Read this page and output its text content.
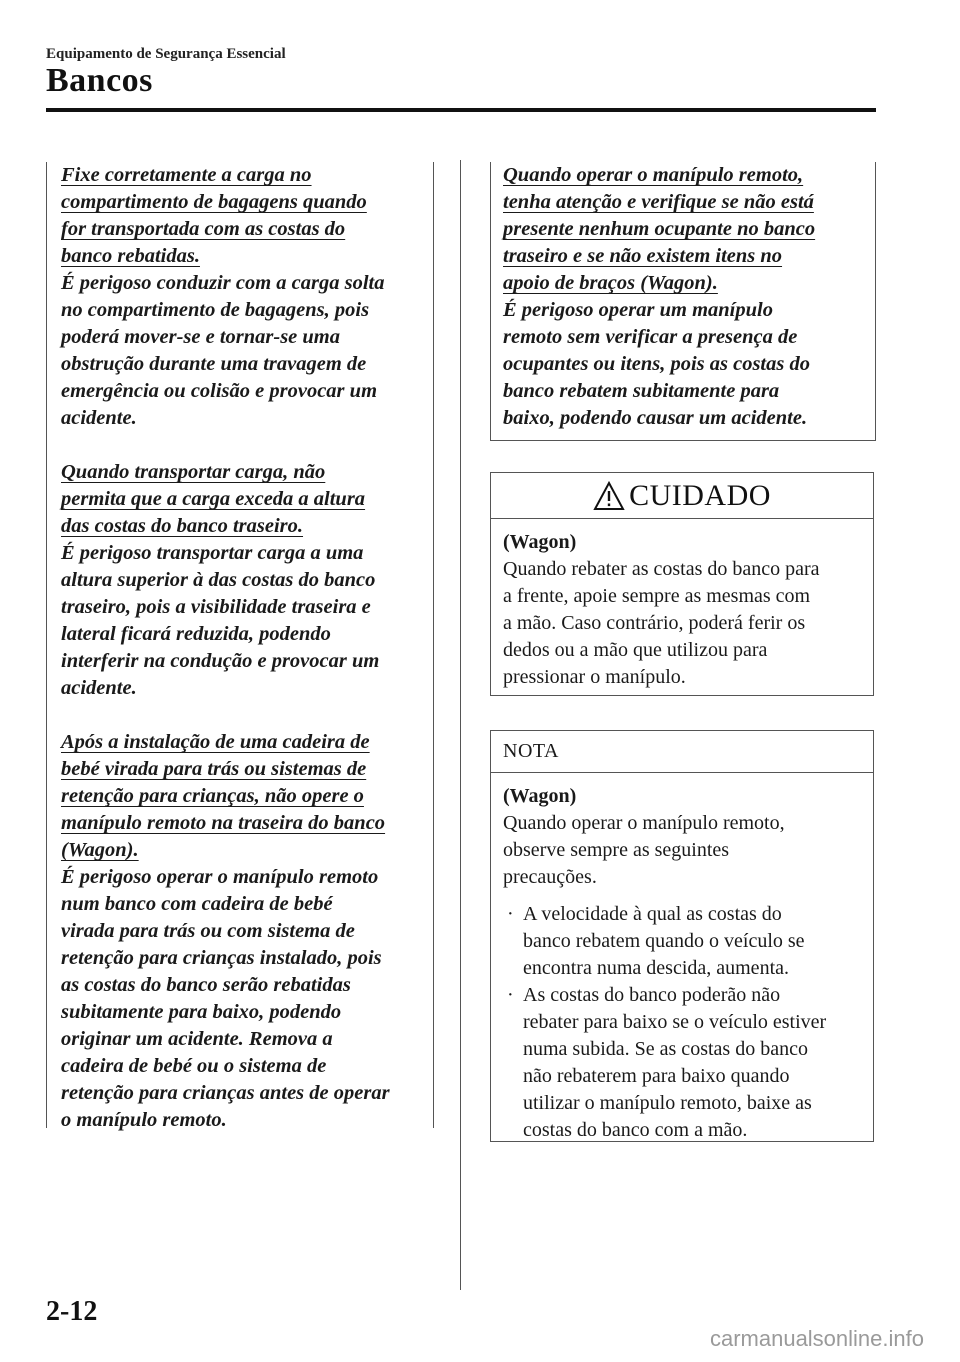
Equipamento de Segurança Essencial
Bancos
Fixe corretamente a carga no
compartimento de bagagens quando
for transportada com as costas do
banco rebatidas.
É perigoso conduzir com a carga solta
no compartimento de bagagens, pois
poderá mover-se e tornar-se uma
obstrução durante uma travagem de
emergência ou colisão e provocar um
acidente.
Quando transportar carga, não
permita que a carga exceda a altura
das costas do banco traseiro.
É perigoso transportar carga a uma
altura superior à das costas do banco
traseiro, pois a visibilidade traseira e
lateral ficará reduzida, podendo
interferir na condução e provocar um
acidente.
Após a instalação de uma cadeira de
bebé virada para trás ou sistemas de
retenção para crianças, não opere o
manípulo remoto na traseira do banco
(Wagon).
É perigoso operar o manípulo remoto
num banco com cadeira de bebé
virada para trás ou com sistema de
retenção para crianças instalado, pois
as costas do banco serão rebatidas
subitamente para baixo, podendo
originar um acidente. Remova a
cadeira de bebé ou o sistema de
retenção para crianças antes de operar
o manípulo remoto.
Quando operar o manípulo remoto,
tenha atenção e verifique se não está
presente nenhum ocupante no banco
traseiro e se não existem itens no
apoio de braços (Wagon).
É perigoso operar um manípulo
remoto sem verificar a presença de
ocupantes ou itens, pois as costas do
banco rebatem subitamente para
baixo, podendo causar um acidente.
CUIDADO
(Wagon)
Quando rebater as costas do banco para
a frente, apoie sempre as mesmas com
a mão. Caso contrário, poderá ferir os
dedos ou a mão que utilizou para
pressionar o manípulo.
NOTA
(Wagon)
Quando operar o manípulo remoto,
observe sempre as seguintes
precauções.
· A velocidade à qual as costas do
banco rebatem quando o veículo se
encontra numa descida, aumenta.
· As costas do banco poderão não
rebater para baixo se o veículo estiver
numa subida. Se as costas do banco
não rebaterem para baixo quando
utilizar o manípulo remoto, baixe as
costas do banco com a mão.
2-12
carmanualsonline.info
